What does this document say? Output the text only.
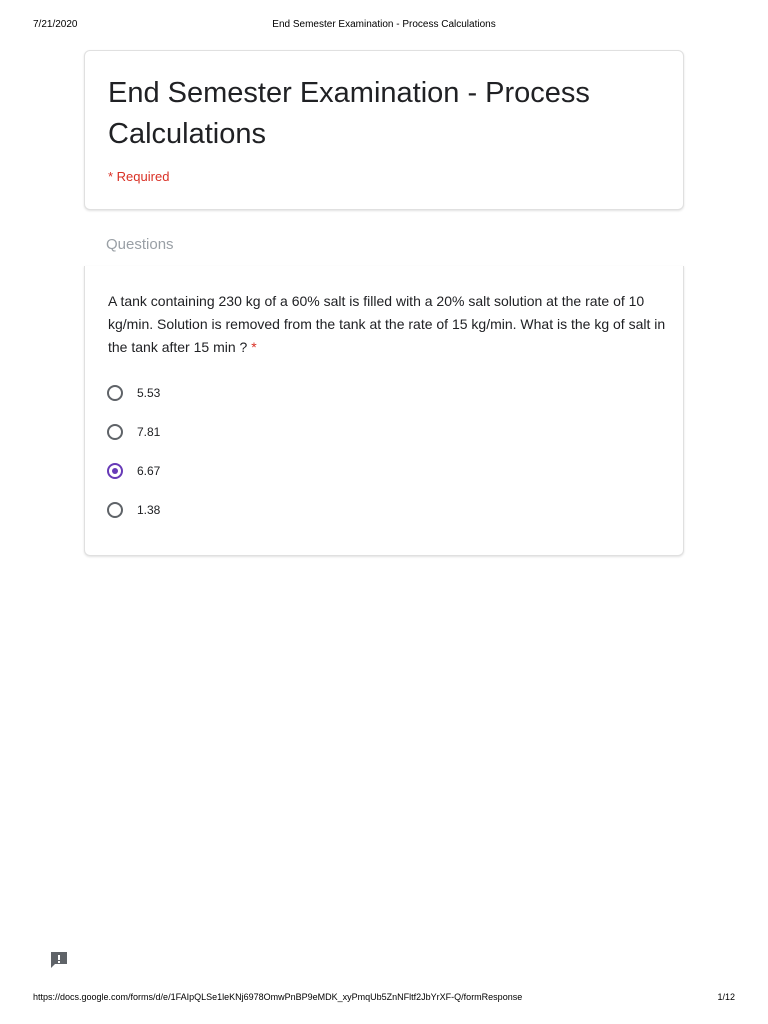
7/21/2020	End Semester Examination - Process Calculations
End Semester Examination - Process Calculations
* Required
Questions
A tank containing 230 kg of a 60% salt is filled with a 20% salt solution at the rate of 10 kg/min. Solution is removed from the tank at the rate of 15 kg/min. What is the kg of salt in the tank after 15 min ? *
5.53
7.81
6.67
1.38
https://docs.google.com/forms/d/e/1FAIpQLSe1leKNj6978OmwPnBP9eMDK_xyPmqUb5ZnNFltf2JbYrXF-Q/formResponse	1/12
